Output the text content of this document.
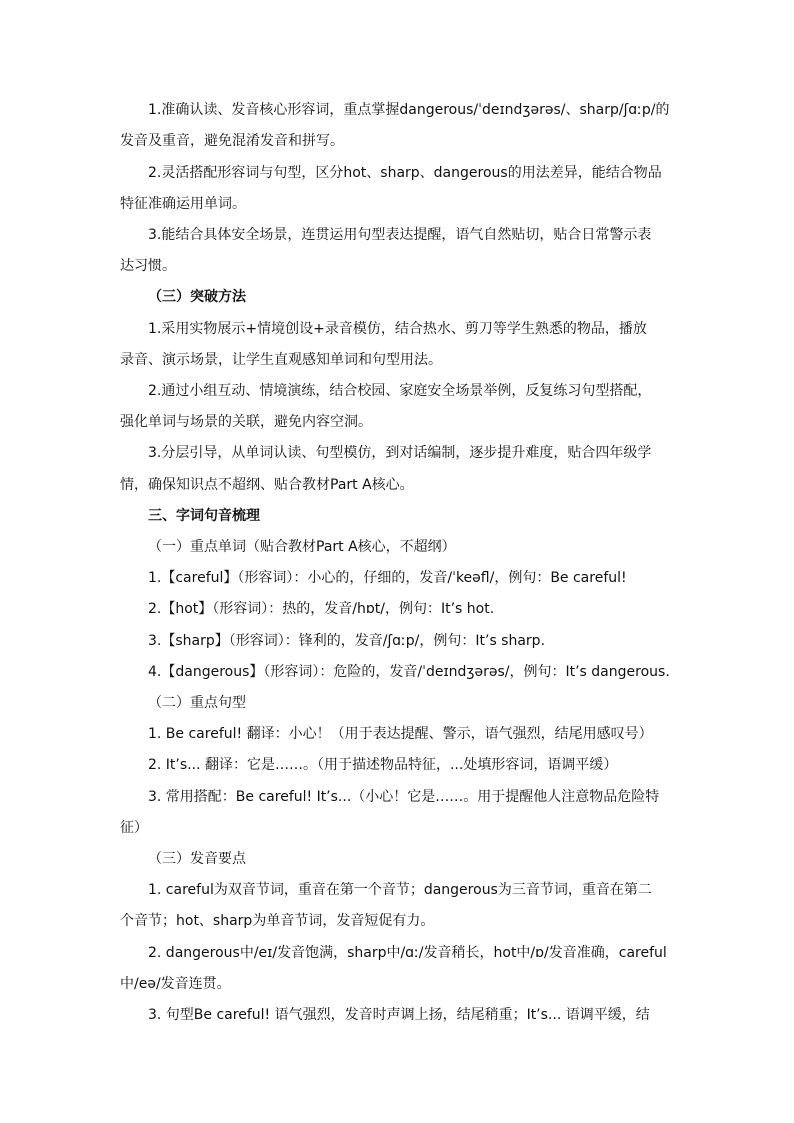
1.准确认读、发音核心形容词，重点掌握dangerous/ˈdeɪndʒərəs/、sharp/ʃɑːp/的
发音及重音，避免混淆发音和拼写。
2.灵活搭配形容词与句型，区分hot、sharp、dangerous的用法差异，能结合物品
特征准确运用单词。
3.能结合具体安全场景，连贯运用句型表达提醒，语气自然贴切，贴合日常警示表
达习惯。
（三）突破方法
1.采用实物展示+情境创设+录音模仿，结合热水、剪刀等学生熟悉的物品，播放
录音、演示场景，让学生直观感知单词和句型用法。
2.通过小组互动、情境演练，结合校园、家庭安全场景举例，反复练习句型搭配，
强化单词与场景的关联，避免内容空洞。
3.分层引导，从单词认读、句型模仿，到对话编制，逐步提升难度，贴合四年级学
情，确保知识点不超纲、贴合教材Part A核心。
三、字词句音梳理
（一）重点单词（贴合教材Part A核心，不超纲）
1.【careful】（形容词）：小心的，仔细的，发音/ˈkeəfl/，例句：Be careful!
2.【hot】（形容词）：热的，发音/hɒt/，例句：It’s hot.
3.【sharp】（形容词）：锋利的，发音/ʃɑːp/，例句：It’s sharp.
4.【dangerous】（形容词）：危险的，发音/ˈdeɪndʒərəs/，例句：It’s dangerous.
（二）重点句型
1. Be careful! 翻译：小心！（用于表达提醒、警示，语气强烈，结尾用感叹号）
2. It’s... 翻译：它是……。（用于描述物品特征，...处填形容词，语调平缓）
3. 常用搭配：Be careful! It’s...（小心！它是……。用于提醒他人注意物品危险特
征）
（三）发音要点
1. careful为双音节词，重音在第一个音节；dangerous为三音节词，重音在第二
个音节；hot、sharp为单音节词，发音短促有力。
2. dangerous中/eɪ/发音饱满，sharp中/ɑː/发音稍长，hot中/ɒ/发音准确，careful
中/eə/发音连贯。
3. 句型Be careful! 语气强烈，发音时声调上扬，结尾稍重；It’s... 语调平缓，结
